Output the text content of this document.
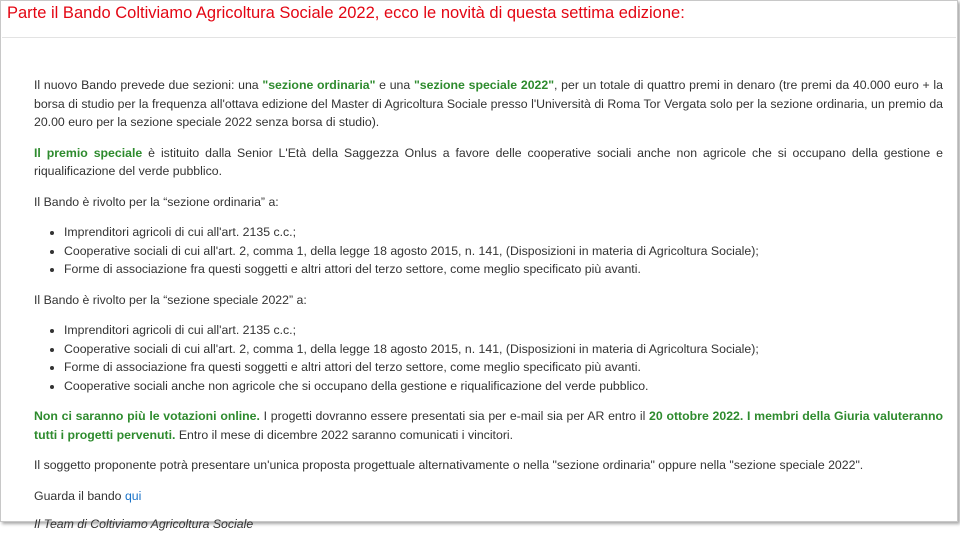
Parte il Bando Coltiviamo Agricoltura Sociale 2022, ecco le novità di questa settima edizione:

Il nuovo Bando prevede due sezioni: una "sezione ordinaria" e una "sezione speciale 2022", per un totale di quattro premi in denaro (tre premi da 40.000 euro + la borsa di studio per la frequenza all'ottava edizione del Master di Agricoltura Sociale presso l'Università di Roma Tor Vergata solo per la sezione ordinaria, un premio da 20.00 euro per la sezione speciale 2022 senza borsa di studio).

Il premio speciale è istituito dalla Senior L'Età della Saggezza Onlus a favore delle cooperative sociali anche non agricole che si occupano della gestione e riqualificazione del verde pubblico.

Il Bando è rivolto per la “sezione ordinaria” a:

• Imprenditori agricoli di cui all'art. 2135 c.c.;
• Cooperative sociali di cui all'art. 2, comma 1, della legge 18 agosto 2015, n. 141, (Disposizioni in materia di Agricoltura Sociale);
• Forme di associazione fra questi soggetti e altri attori del terzo settore, come meglio specificato più avanti.

Il Bando è rivolto per la “sezione speciale 2022” a:

• Imprenditori agricoli di cui all'art. 2135 c.c.;
• Cooperative sociali di cui all'art. 2, comma 1, della legge 18 agosto 2015, n. 141, (Disposizioni in materia di Agricoltura Sociale);
• Forme di associazione fra questi soggetti e altri attori del terzo settore, come meglio specificato più avanti.
• Cooperative sociali anche non agricole che si occupano della gestione e riqualificazione del verde pubblico.

Non ci saranno più le votazioni online. I progetti dovranno essere presentati sia per e-mail sia per AR entro il 20 ottobre 2022. I membri della Giuria valuteranno tutti i progetti pervenuti. Entro il mese di dicembre 2022 saranno comunicati i vincitori.

Il soggetto proponente potrà presentare un'unica proposta progettuale alternativamente o nella "sezione ordinaria" oppure nella "sezione speciale 2022".

Guarda il bando qui

Il Team di Coltiviamo Agricoltura Sociale
